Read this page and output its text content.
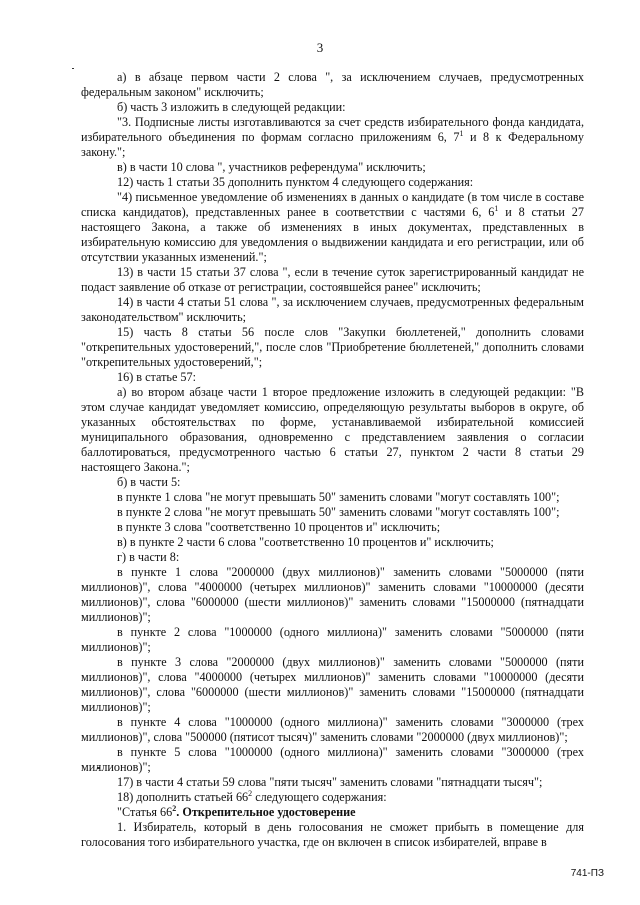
3

а) в абзаце первом части 2 слова ", за исключением случаев, предусмотренных федеральным законом" исключить;

б) часть 3 изложить в следующей редакции:

"3. Подписные листы изготавливаются за счет средств избирательного фонда кандидата, избирательного объединения по формам согласно приложениям 6, $7^1$ и 8 к Федеральному закону.";

в) в части 10 слова ", участников референдума" исключить;

12) часть 1 статьи 35 дополнить пунктом 4 следующего содержания:

"4) письменное уведомление об изменениях в данных о кандидате (в том числе в составе списка кандидатов), представленных ранее в соответствии с частями 6, $6^1$ и 8 статьи 27 настоящего Закона, а также об изменениях в иных документах, представленных в избирательную комиссию для уведомления о выдвижении кандидата и его регистрации, или об отсутствии указанных изменений.";

13) в части 15 статьи 37 слова ", если в течение суток зарегистрированный кандидат не подаст заявление об отказе от регистрации, состоявшейся ранее" исключить;

14) в части 4 статьи 51 слова ", за исключением случаев, предусмотренных федеральным законодательством" исключить;

15) часть 8 статьи 56 после слов "Закупки бюллетеней," дополнить словами "открепительных удостоверений,", после слов "Приобретение бюллетеней," дополнить словами "открепительных удостоверений,";

16) в статье 57:

а) во втором абзаце части 1 второе предложение изложить в следующей редакции: "В этом случае кандидат уведомляет комиссию, определяющую результаты выборов в округе, об указанных обстоятельствах по форме, устанавливаемой избирательной комиссией муниципального образования, одновременно с представлением заявления о согласии баллотироваться, предусмотренного частью 6 статьи 27, пунктом 2 части 8 статьи 29 настоящего Закона.";

б) в части 5:

в пункте 1 слова "не могут превышать 50" заменить словами "могут составлять 100";

в пункте 2 слова "не могут превышать 50" заменить словами "могут составлять 100";

в пункте 3 слова "соответственно 10 процентов и" исключить;

в) в пункте 2 части 6 слова "соответственно 10 процентов и" исключить;

г) в части 8:

в пункте 1 слова "2000000 (двух миллионов)" заменить словами "5000000 (пяти миллионов)", слова "4000000 (четырех миллионов)" заменить словами "10000000 (десяти миллионов)", слова "6000000 (шести миллионов)" заменить словами "15000000 (пятнадцати миллионов)";

в пункте 2 слова "1000000 (одного миллиона)" заменить словами "5000000 (пяти миллионов)";

в пункте 3 слова "2000000 (двух миллионов)" заменить словами "5000000 (пяти миллионов)", слова "4000000 (четырех миллионов)" заменить словами "10000000 (десяти миллионов)", слова "6000000 (шести миллионов)" заменить словами "15000000 (пятнадцати миллионов)";

в пункте 4 слова "1000000 (одного миллиона)" заменить словами "3000000 (трех миллионов)", слова "500000 (пятисот тысяч)" заменить словами "2000000 (двух миллионов)";

в пункте 5 слова "1000000 (одного миллиона)" заменить словами "3000000 (трех миллионов)";

17) в части 4 статьи 59 слова "пяти тысяч" заменить словами "пятнадцати тысяч";

18) дополнить статьей $66^2$ следующего содержания:

"Статья $66^2$. Открепительное удостоверение

1. Избиратель, который в день голосования не сможет прибыть в помещение для голосования того избирательного участка, где он включен в список избирателей, вправе в

741-ПЗ
